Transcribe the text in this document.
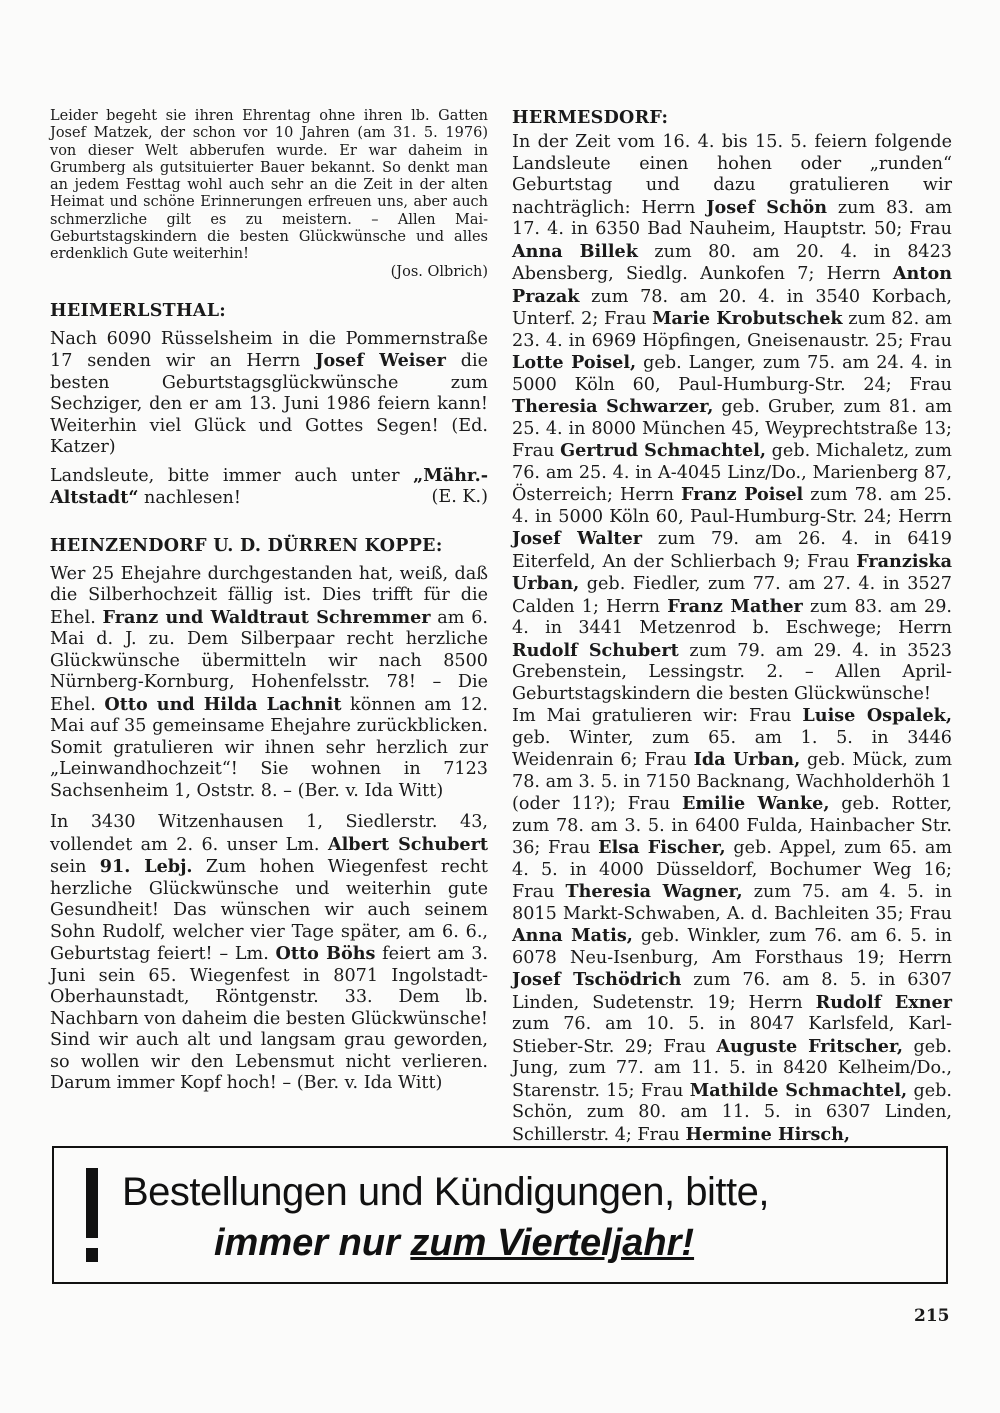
Leider begeht sie ihren Ehrentag ohne ihren lb. Gatten Josef Matzek, der schon vor 10 Jahren (am 31. 5. 1976) von dieser Welt abberufen wurde. Er war daheim in Grumberg als gutsituierter Bauer bekannt. So denkt man an jedem Festtag wohl auch sehr an die Zeit in der alten Heimat und schöne Erinnerungen erfreuen uns, aber auch schmerzliche gilt es zu meistern. – Allen Mai-Geburtstagskindern die besten Glückwünsche und alles erdenklich Gute weiterhin!

(Jos. Olbrich)
HEIMERLSTHAL:

Nach 6090 Rüsselsheim in die Pommernstraße 17 senden wir an Herrn Josef Weiser die besten Geburtstagsglückwünsche zum Sechziger, den er am 13. Juni 1986 feiern kann! Weiterhin viel Glück und Gottes Segen! (Ed. Katzer)

Landsleute, bitte immer auch unter „Mähr.-Altstadt“ nachlesen!	(E. K.)

HEINZENDORF U. D. DÜRREN KOPPE:

Wer 25 Ehejahre durchgestanden hat, weiß, daß die Silberhochzeit fällig ist. Dies trifft für die Ehel. Franz und Waldtraut Schremmer am 6. Mai d. J. zu. Dem Silberpaar recht herzliche Glückwünsche übermitteln wir nach 8500 Nürnberg-Kornburg, Hohenfelsstr. 78! – Die Ehel. Otto und Hilda Lachnit können am 12. Mai auf 35 gemeinsame Ehejahre zurückblicken. Somit gratulieren wir ihnen sehr herzlich zur „Leinwandhochzeit“! Sie wohnen in 7123 Sachsenheim 1, Oststr. 8. – (Ber. v. Ida Witt)

In 3430 Witzenhausen 1, Siedlerstr. 43, vollendet am 2. 6. unser Lm. Albert Schubert sein 91. Lebj. Zum hohen Wiegenfest recht herzliche Glückwünsche und weiterhin gute Gesundheit! Das wünschen wir auch seinem Sohn Rudolf, welcher vier Tage später, am 6. 6., Geburtstag feiert! – Lm. Otto Böhs feiert am 3. Juni sein 65. Wiegenfest in 8071 Ingolstadt-Oberhaunstadt, Röntgenstr. 33. Dem lb. Nachbarn von daheim die besten Glückwünsche! Sind wir auch alt und langsam grau geworden, so wollen wir den Lebensmut nicht verlieren. Darum immer Kopf hoch! – (Ber. v. Ida Witt)

HERMESDORF:

In der Zeit vom 16. 4. bis 15. 5. feiern folgende Landsleute einen hohen oder „runden“ Geburtstag und dazu gratulieren wir nachträglich: Herrn Josef Schön zum 83. am 17. 4. in 6350 Bad Nauheim, Hauptstr. 50; Frau Anna Billek zum 80. am 20. 4. in 8423 Abensberg, Siedlg. Aunkofen 7; Herrn Anton Prazak zum 78. am 20. 4. in 3540 Korbach, Unterf. 2; Frau Marie Krobutschek zum 82. am 23. 4. in 6969 Höpfingen, Gneisenaustr. 25; Frau Lotte Poisel, geb. Langer, zum 75. am 24. 4. in 5000 Köln 60, Paul-Humburg-Str. 24; Frau Theresia Schwarzer, geb. Gruber, zum 81. am 25. 4. in 8000 München 45, Weyprechtstraße 13; Frau Gertrud Schmachtel, geb. Michaletz, zum 76. am 25. 4. in A-4045 Linz/Do., Marienberg 87, Österreich; Herrn Franz Poisel zum 78. am 25. 4. in 5000 Köln 60, Paul-Humburg-Str. 24; Herrn Josef Walter zum 79. am 26. 4. in 6419 Eiterfeld, An der Schlierbach 9; Frau Franziska Urban, geb. Fiedler, zum 77. am 27. 4. in 3527 Calden 1; Herrn Franz Mather zum 83. am 29. 4. in 3441 Metzenrod b. Eschwege; Herrn Rudolf Schubert zum 79. am 29. 4. in 3523 Grebenstein, Lessingstr. 2. – Allen April-Geburtstagskindern die besten Glückwünsche!

Im Mai gratulieren wir: Frau Luise Ospalek, geb. Winter, zum 65. am 1. 5. in 3446 Weidenrain 6; Frau Ida Urban, geb. Mück, zum 78. am 3. 5. in 7150 Backnang, Wachholderhöh 1 (oder 11?); Frau Emilie Wanke, geb. Rotter, zum 78. am 3. 5. in 6400 Fulda, Hainbacher Str. 36; Frau Elsa Fischer, geb. Appel, zum 65. am 4. 5. in 4000 Düsseldorf, Bochumer Weg 16; Frau Theresia Wagner, zum 75. am 4. 5. in 8015 Markt-Schwaben, A. d. Bachleiten 35; Frau Anna Matis, geb. Winkler, zum 76. am 6. 5. in 6078 Neu-Isenburg, Am Forsthaus 19; Herrn Josef Tschödrich zum 76. am 8. 5. in 6307 Linden, Sudetenstr. 19; Herrn Rudolf Exner zum 76. am 10. 5. in 8047 Karlsfeld, Karl-Stieber-Str. 29; Frau Auguste Fritscher, geb. Jung, zum 77. am 11. 5. in 8420 Kelheim/Do., Starenstr. 15; Frau Mathilde Schmachtel, geb. Schön, zum 80. am 11. 5. in 6307 Linden, Schillerstr. 4; Frau Hermine Hirsch,

Bestellungen und Kündigungen, bitte,
immer nur zum Vierteljahr!
215
